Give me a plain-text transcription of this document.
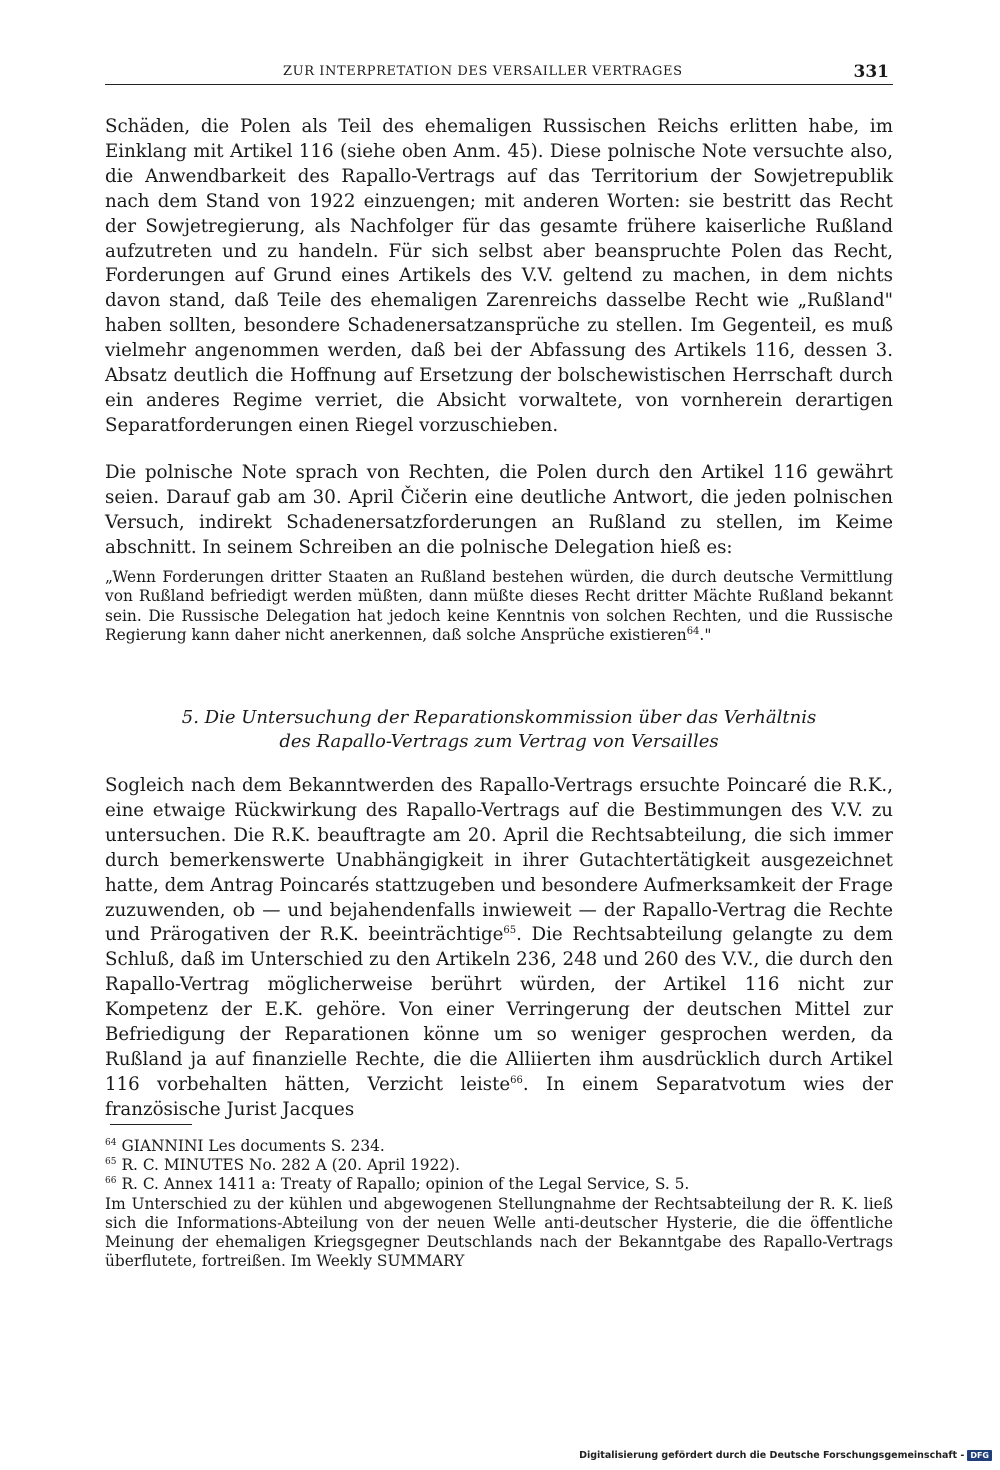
ZUR INTERPRETATION DES VERSAILLER VERTRAGES	331

Schäden, die Polen als Teil des ehemaligen Russischen Reichs erlitten habe, im Einklang mit Artikel 116 (siehe oben Anm. 45). Diese polnische Note versuchte also, die Anwendbarkeit des Rapallo-Vertrags auf das Territorium der Sowjetrepublik nach dem Stand von 1922 einzuengen; mit anderen Worten: sie bestritt das Recht der Sowjetregierung, als Nachfolger für das gesamte frühere kaiserliche Rußland aufzutreten und zu handeln. Für sich selbst aber beanspruchte Polen das Recht, Forderungen auf Grund eines Artikels des V.V. geltend zu machen, in dem nichts davon stand, daß Teile des ehemaligen Zarenreichs dasselbe Recht wie „Rußland" haben sollten, besondere Schadenersatzansprüche zu stellen. Im Gegenteil, es muß vielmehr angenommen werden, daß bei der Abfassung des Artikels 116, dessen 3. Absatz deutlich die Hoffnung auf Ersetzung der bolschewistischen Herrschaft durch ein anderes Regime verriet, die Absicht vorwaltete, von vornherein derartigen Separatforderungen einen Riegel vorzuschieben.

Die polnische Note sprach von Rechten, die Polen durch den Artikel 116 gewährt seien. Darauf gab am 30. April Čičerin eine deutliche Antwort, die jeden polnischen Versuch, indirekt Schadenersatzforderungen an Rußland zu stellen, im Keime abschnitt. In seinem Schreiben an die polnische Delegation hieß es:

„Wenn Forderungen dritter Staaten an Rußland bestehen würden, die durch deutsche Vermittlung von Rußland befriedigt werden müßten, dann müßte dieses Recht dritter Mächte Rußland bekannt sein. Die Russische Delegation hat jedoch keine Kenntnis von solchen Rechten, und die Russische Regierung kann daher nicht anerkennen, daß solche Ansprüche existieren$^{64}$."
5. Die Untersuchung der Reparationskommission über das Verhältnis
des Rapallo-Vertrags zum Vertrag von Versailles

Sogleich nach dem Bekanntwerden des Rapallo-Vertrags ersuchte Poincaré die R.K., eine etwaige Rückwirkung des Rapallo-Vertrags auf die Bestimmungen des V.V. zu untersuchen. Die R.K. beauftragte am 20. April die Rechtsabteilung, die sich immer durch bemerkenswerte Unabhängigkeit in ihrer Gutachtertätigkeit ausgezeichnet hatte, dem Antrag Poincarés stattzugeben und besondere Aufmerksamkeit der Frage zuzuwenden, ob — und bejahendenfalls inwieweit — der Rapallo-Vertrag die Rechte und Prärogativen der R.K. beeinträchtige$^{65}$. Die Rechtsabteilung gelangte zu dem Schluß, daß im Unterschied zu den Artikeln 236, 248 und 260 des V.V., die durch den Rapallo-Vertrag möglicherweise berührt würden, der Artikel 116 nicht zur Kompetenz der E.K. gehöre. Von einer Verringerung der deutschen Mittel zur Befriedigung der Reparationen könne um so weniger gesprochen werden, da Rußland ja auf finanzielle Rechte, die die Alliierten ihm ausdrücklich durch Artikel 116 vorbehalten hätten, Verzicht leiste$^{66}$. In einem Separatvotum wies der französische Jurist Jacques

$^{64}$ GIANNINI Les documents S. 234.

$^{65}$ R. C. MINUTES No. 282 A (20. April 1922).

$^{66}$ R. C. Annex 1411 a: Treaty of Rapallo; opinion of the Legal Service, S. 5.

Im Unterschied zu der kühlen und abgewogenen Stellungnahme der Rechtsabteilung der R. K. ließ sich die Informations-Abteilung von der neuen Welle anti-deutscher Hysterie, die die öffentliche Meinung der ehemaligen Kriegsgegner Deutschlands nach der Bekanntgabe des Rapallo-Vertrags überflutete, fortreißen. Im Weekly SUMMARY

Digitalisierung gefördert durch die Deutsche Forschungsgemeinschaft - DFG
